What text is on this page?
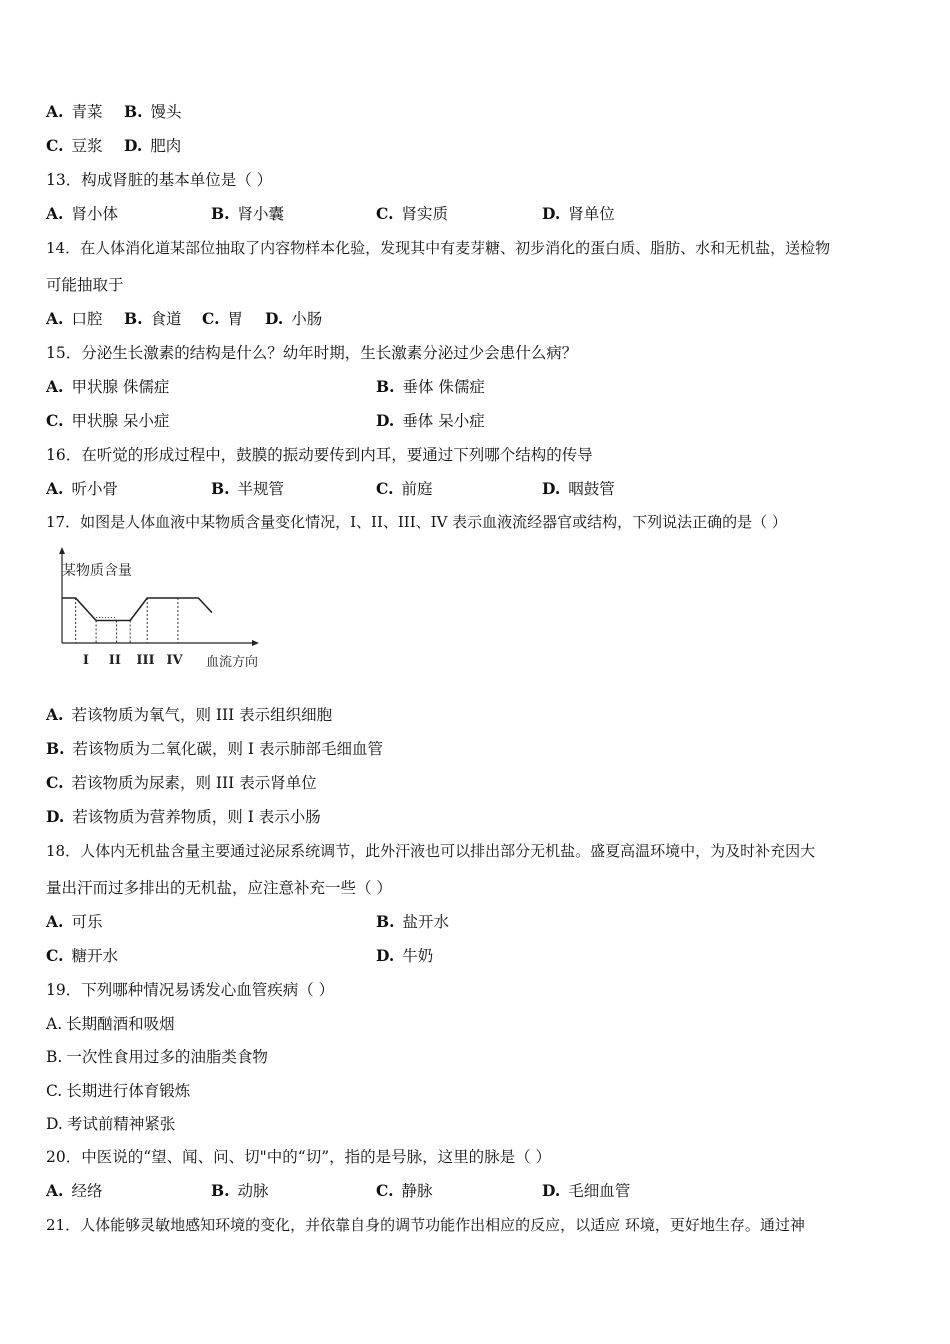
A. 青菜 B. 馒头
C. 豆浆 D. 肥肉
13．构成肾脏的基本单位是（ ）
A. 肾小体	B. 肾小囊	C. 肾实质	D. 肾单位
14．在人体消化道某部位抽取了内容物样本化验，发现其中有麦芽糖、初步消化的蛋白质、脂肪、水和无机盐，送检物
可能抽取于
A. 口腔 B. 食道 C. 胃 D. 小肠
15．分泌生长激素的结构是什么？幼年时期，生长激素分泌过少会患什么病？
A. 甲状腺 侏儒症	B. 垂体 侏儒症
C. 甲状腺 呆小症	D. 垂体 呆小症
16．在听觉的形成过程中，鼓膜的振动要传到内耳，要通过下列哪个结构的传导
A. 听小骨	B. 半规管	C. 前庭	D. 咽鼓管
17．如图是人体血液中某物质含量变化情况，I、II、III、IV 表示血液流经器官或结构，下列说法正确的是（ ）
某物质含量
血流方向
I II III IV
A. 若该物质为氧气，则 III 表示组织细胞
B. 若该物质为二氧化碳，则 I 表示肺部毛细血管
C. 若该物质为尿素，则 III 表示肾单位
D. 若该物质为营养物质，则 I 表示小肠
18．人体内无机盐含量主要通过泌尿系统调节，此外汗液也可以排出部分无机盐。盛夏高温环境中，为及时补充因大
量出汗而过多排出的无机盐，应注意补充一些（ ）
A. 可乐	B. 盐开水
C. 糖开水	D. 牛奶
19．下列哪种情况易诱发心血管疾病（ ）
A. 长期酗酒和吸烟
B. 一次性食用过多的油脂类食物
C. 长期进行体育锻炼
D. 考试前精神紧张
20．中医说的“望、闻、问、切"中的“切”，指的是号脉，这里的脉是（ ）
A. 经络	B. 动脉	C. 静脉	D. 毛细血管
21．人体能够灵敏地感知环境的变化，并依靠自身的调节功能作出相应的反应，以适应 环境，更好地生存。通过神
